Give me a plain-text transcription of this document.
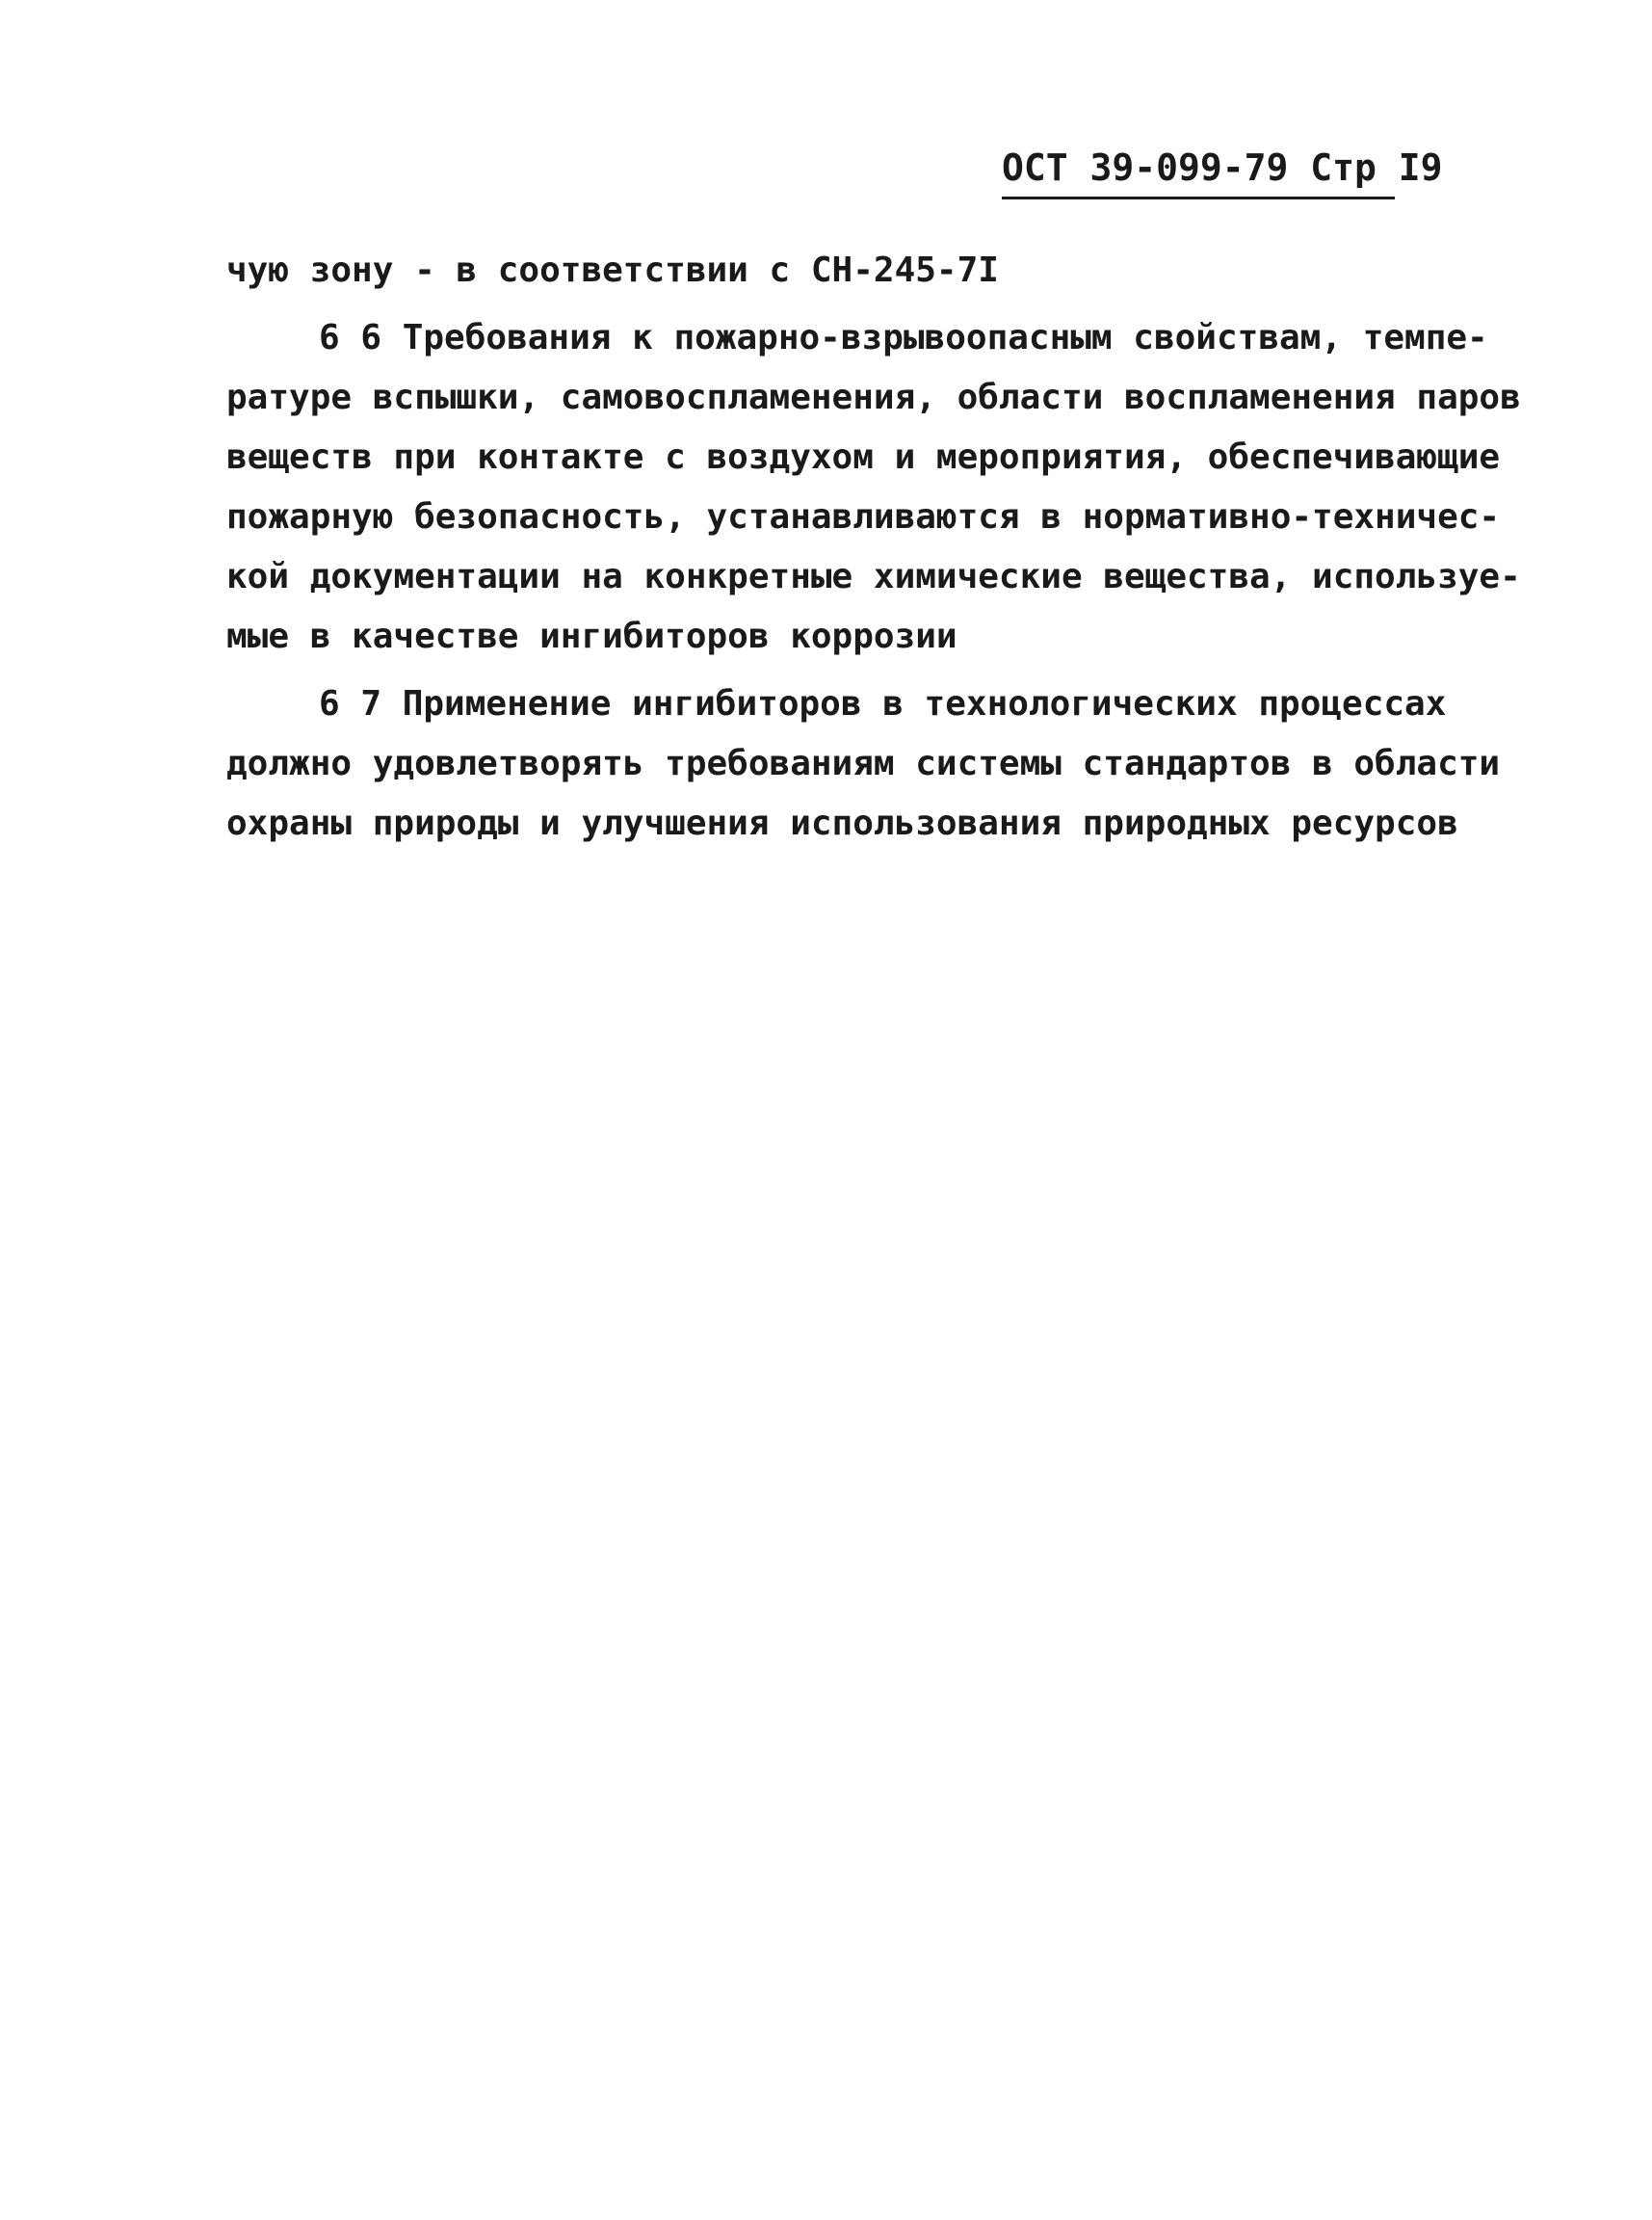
ОСТ 39-099-79 Стр I9
чую зону - в соответствии с СН-245-7I
6 6 Требования к пожарно-взрывоопасным свойствам, темпе-
ратуре вспышки, самовоспламенения, области воспламенения паров
веществ при контакте с воздухом и мероприятия, обеспечивающие
пожарную безопасность, устанавливаются в нормативно-техничес-
кой документации на конкретные химические вещества, используе-
мые в качестве ингибиторов коррозии
6 7 Применение ингибиторов в технологических процессах
должно удовлетворять требованиям системы стандартов в области
охраны природы и улучшения использования природных ресурсов
